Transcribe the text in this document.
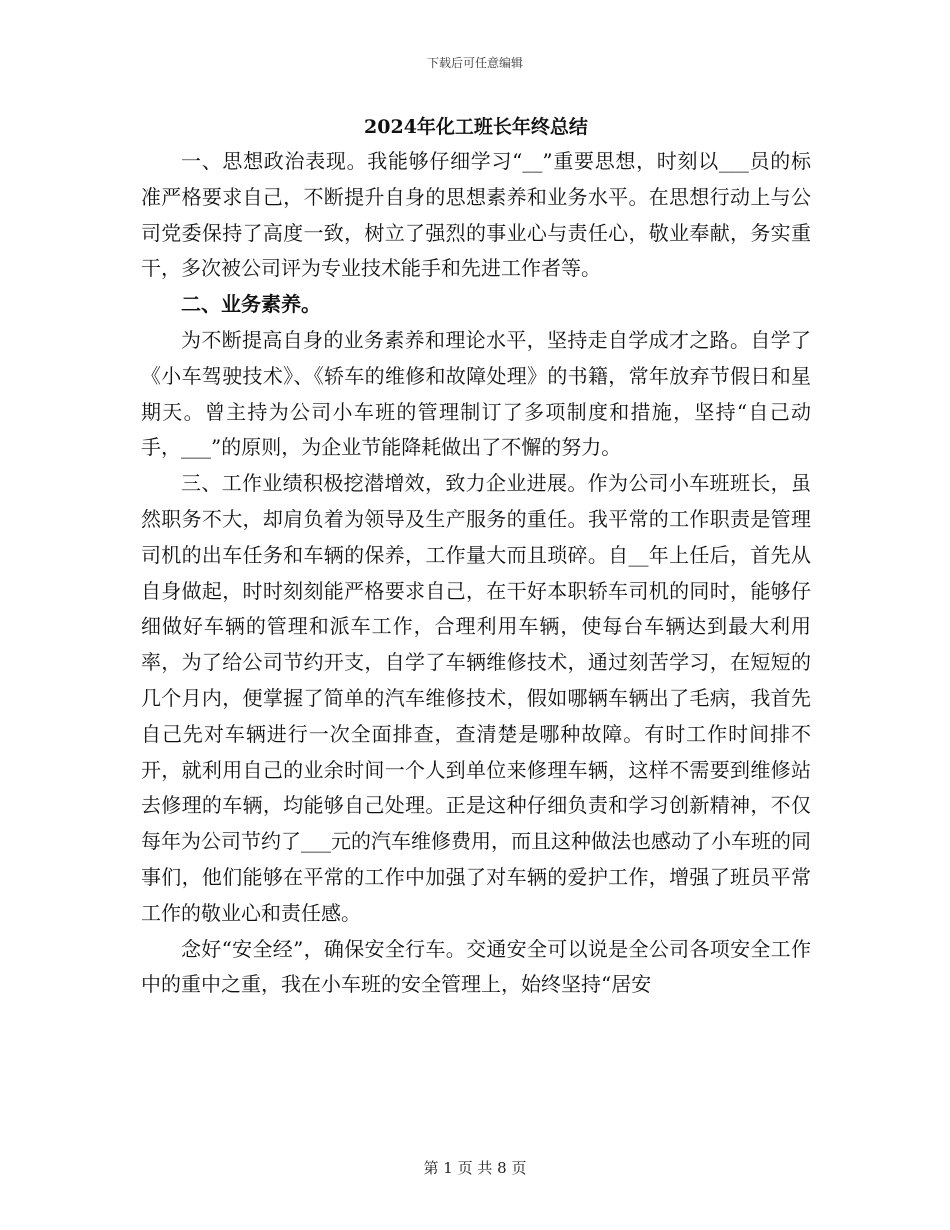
下载后可任意编辑
2024年化工班长年终总结

一、思想政治表现。我能够仔细学习“__”重要思想，时刻以___员的标准严格要求自己，不断提升自身的思想素养和业务水平。在思想行动上与公司党委保持了高度一致，树立了强烈的事业心与责任心，敬业奉献，务实重干，多次被公司评为专业技术能手和先进工作者等。

二、业务素养。

为不断提高自身的业务素养和理论水平，坚持走自学成才之路。自学了《小车驾驶技术》、《轿车的维修和故障处理》的书籍，常年放弃节假日和星期天。曾主持为公司小车班的管理制订了多项制度和措施，坚持“自己动手，___”的原则，为企业节能降耗做出了不懈的努力。

三、工作业绩积极挖潜增效，致力企业进展。作为公司小车班班长，虽然职务不大，却肩负着为领导及生产服务的重任。我平常的工作职责是管理司机的出车任务和车辆的保养，工作量大而且琐碎。自__年上任后，首先从自身做起，时时刻刻能严格要求自己，在干好本职轿车司机的同时，能够仔细做好车辆的管理和派车工作，合理利用车辆，使每台车辆达到最大利用率，为了给公司节约开支，自学了车辆维修技术，通过刻苦学习，在短短的几个月内，便掌握了简单的汽车维修技术，假如哪辆车辆出了毛病，我首先自己先对车辆进行一次全面排查，查清楚是哪种故障。有时工作时间排不开，就利用自己的业余时间一个人到单位来修理车辆，这样不需要到维修站去修理的车辆，均能够自己处理。正是这种仔细负责和学习创新精神，不仅每年为公司节约了___元的汽车维修费用，而且这种做法也感动了小车班的同事们，他们能够在平常的工作中加强了对车辆的爱护工作，增强了班员平常工作的敬业心和责任感。

念好“安全经”，确保安全行车。交通安全可以说是全公司各项安全工作中的重中之重，我在小车班的安全管理上，始终坚持“居安

第 1 页 共 8 页
